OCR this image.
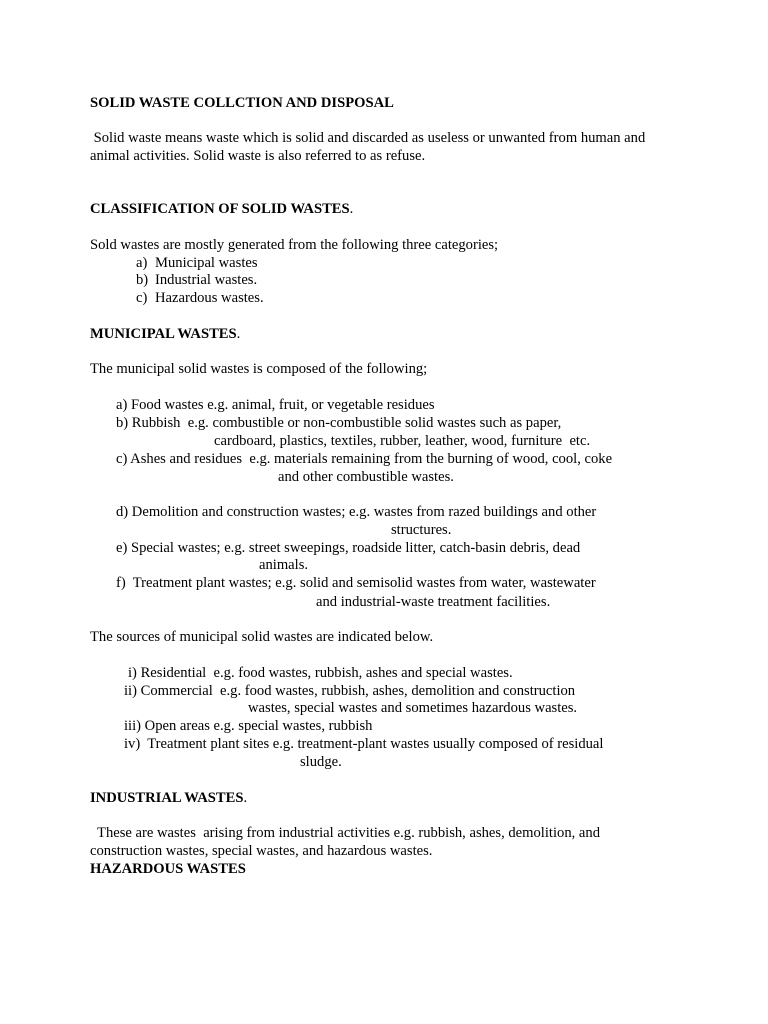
SOLID WASTE COLLCTION AND DISPOSAL
Solid waste means waste which is solid and discarded as useless or unwanted from human and
animal activities. Solid waste is also referred to as refuse.
CLASSIFICATION OF SOLID WASTES.
Sold wastes are mostly generated from the following three categories;
a) Municipal wastes
b) Industrial wastes.
c) Hazardous wastes.
MUNICIPAL WASTES.
The municipal solid wastes is composed of the following;
a) Food wastes e.g. animal, fruit, or vegetable residues
b) Rubbish  e.g. combustible or non-combustible solid wastes such as paper,
cardboard, plastics, textiles, rubber, leather, wood, furniture  etc.
c) Ashes and residues  e.g. materials remaining from the burning of wood, cool, coke
and other combustible wastes.
d) Demolition and construction wastes; e.g. wastes from razed buildings and other
structures.
e) Special wastes; e.g. street sweepings, roadside litter, catch-basin debris, dead
animals.
f)  Treatment plant wastes; e.g. solid and semisolid wastes from water, wastewater
and industrial-waste treatment facilities.
The sources of municipal solid wastes are indicated below.
i) Residential  e.g. food wastes, rubbish, ashes and special wastes.
ii) Commercial  e.g. food wastes, rubbish, ashes, demolition and construction
wastes, special wastes and sometimes hazardous wastes.
iii) Open areas e.g. special wastes, rubbish
iv)  Treatment plant sites e.g. treatment-plant wastes usually composed of residual
sludge.
INDUSTRIAL WASTES.
These are wastes  arising from industrial activities e.g. rubbish, ashes, demolition, and
construction wastes, special wastes, and hazardous wastes.
HAZARDOUS WASTES
